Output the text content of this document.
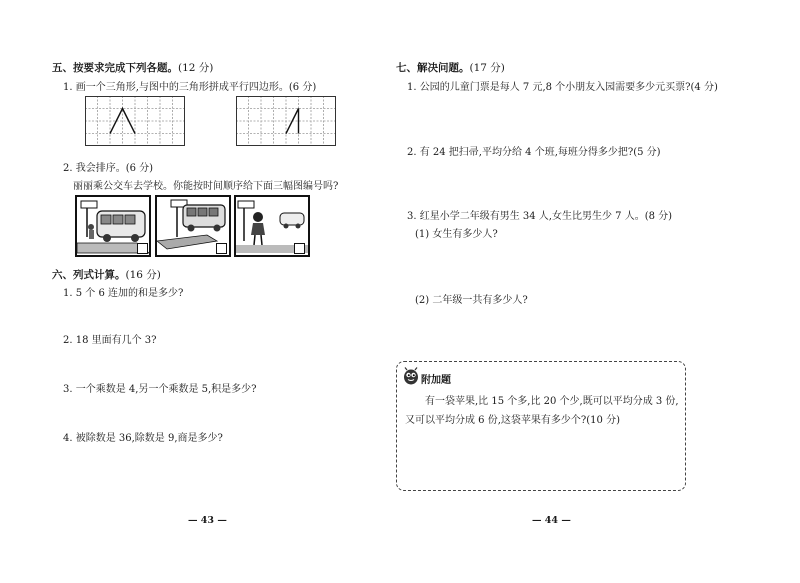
五、按要求完成下列各题。(12 分)
1. 画一个三角形,与图中的三角形拼成平行四边形。(6 分)
2. 我会排序。(6 分)
丽丽乘公交车去学校。你能按时间顺序给下面三幅图编号吗?
六、列式计算。(16 分)
1. 5 个 6 连加的和是多少?
2. 18 里面有几个 3?
3. 一个乘数是 4,另一个乘数是 5,积是多少?
4. 被除数是 36,除数是 9,商是多少?
— 43 —
七、解决问题。(17 分)
1. 公园的儿童门票是每人 7 元,8 个小朋友入园需要多少元买票?(4 分)
2. 有 24 把扫帚,平均分给 4 个班,每班分得多少把?(5 分)
3. 红星小学二年级有男生 34 人,女生比男生少 7 人。(8 分)
(1) 女生有多少人?
(2) 二年级一共有多少人?
附加题
有一袋苹果,比 15 个多,比 20 个少,既可以平均分成 3 份,又可以平均分成 6 份,这袋苹果有多少个?(10 分)
— 44 —
